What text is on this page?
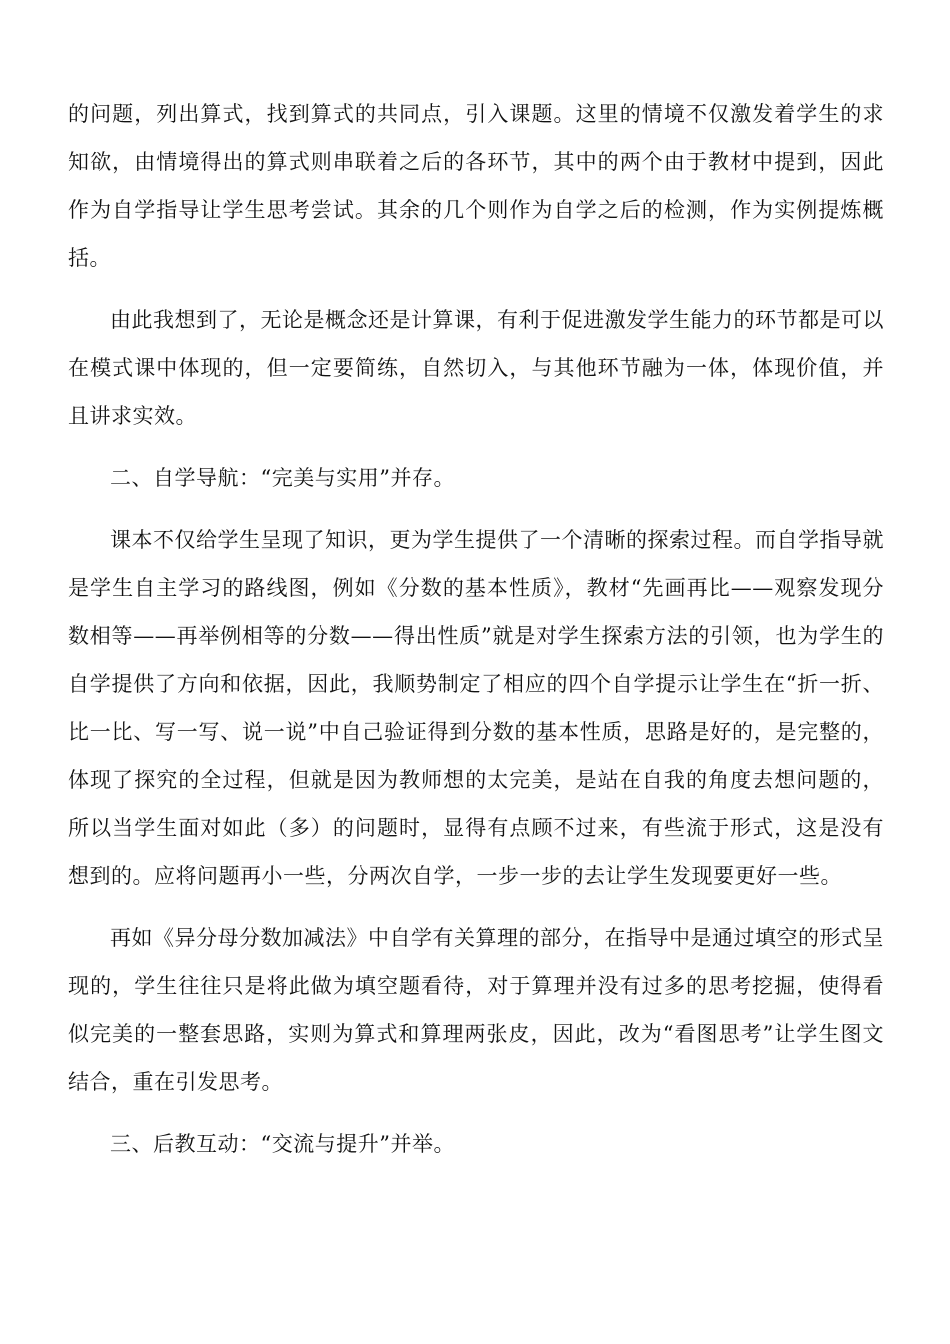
的问题，列出算式，找到算式的共同点，引入课题。这里的情境不仅激发着学生的求知欲，由情境得出的算式则串联着之后的各环节，其中的两个由于教材中提到，因此作为自学指导让学生思考尝试。其余的几个则作为自学之后的检测，作为实例提炼概括。

由此我想到了，无论是概念还是计算课，有利于促进激发学生能力的环节都是可以在模式课中体现的，但一定要简练，自然切入，与其他环节融为一体，体现价值，并且讲求实效。

二、自学导航：“完美与实用”并存。

课本不仅给学生呈现了知识，更为学生提供了一个清晰的探索过程。而自学指导就是学生自主学习的路线图，例如《分数的基本性质》，教材“先画再比——观察发现分数相等——再举例相等的分数——得出性质”就是对学生探索方法的引领，也为学生的自学提供了方向和依据，因此，我顺势制定了相应的四个自学提示让学生在“折一折、比一比、写一写、说一说”中自己验证得到分数的基本性质，思路是好的，是完整的，体现了探究的全过程，但就是因为教师想的太完美，是站在自我的角度去想问题的，所以当学生面对如此（多）的问题时，显得有点顾不过来，有些流于形式，这是没有想到的。应将问题再小一些，分两次自学，一步一步的去让学生发现要更好一些。

再如《异分母分数加减法》中自学有关算理的部分，在指导中是通过填空的形式呈现的，学生往往只是将此做为填空题看待，对于算理并没有过多的思考挖掘，使得看似完美的一整套思路，实则为算式和算理两张皮，因此，改为“看图思考”让学生图文结合，重在引发思考。

三、后教互动：“交流与提升”并举。
